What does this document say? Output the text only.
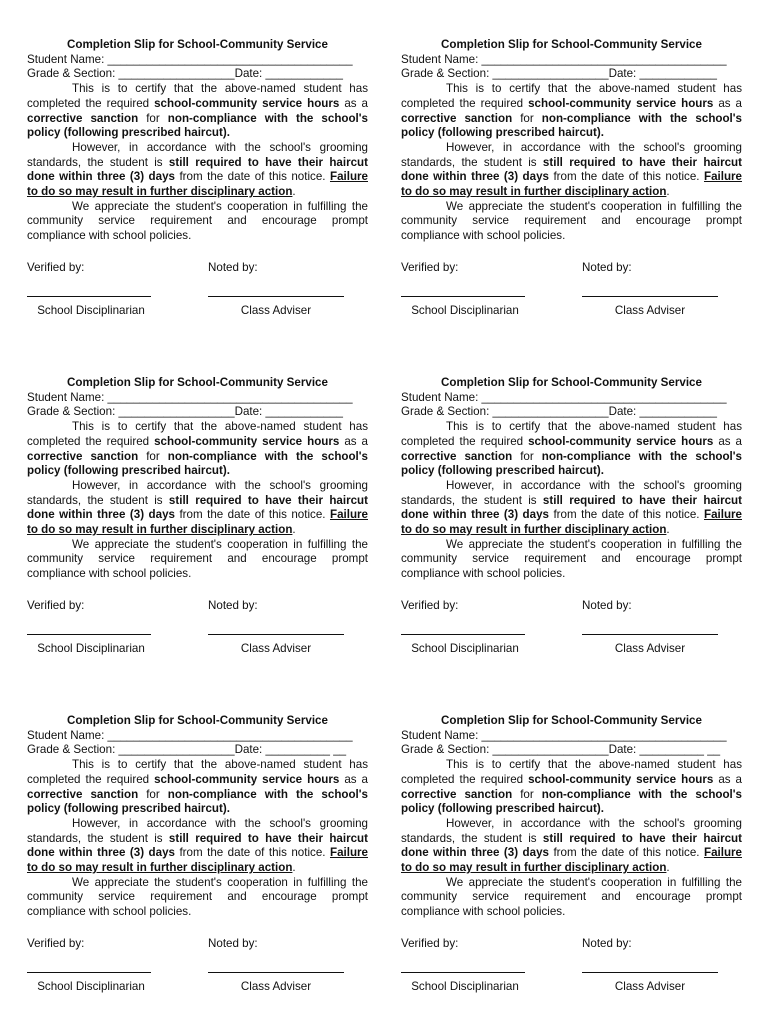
Completion Slip for School-Community Service
Student Name: ______________________________________
Grade & Section: __________________Date: ____________

This is to certify that the above-named student has completed the required school-community service hours as a corrective sanction for non-compliance with the school's policy (following prescribed haircut).

However, in accordance with the school's grooming standards, the student is still required to have their haircut done within three (3) days from the date of this notice. Failure to do so may result in further disciplinary action.

We appreciate the student's cooperation in fulfilling the community service requirement and encourage prompt compliance with school policies.

Verified by:	Noted by:
School Disciplinarian	Class Adviser
Completion Slip for School-Community Service
Student Name: ______________________________________
Grade & Section: __________________Date: ____________

This is to certify that the above-named student has completed the required school-community service hours as a corrective sanction for non-compliance with the school's policy (following prescribed haircut).

However, in accordance with the school's grooming standards, the student is still required to have their haircut done within three (3) days from the date of this notice. Failure to do so may result in further disciplinary action.

We appreciate the student's cooperation in fulfilling the community service requirement and encourage prompt compliance with school policies.

Verified by:	Noted by:
School Disciplinarian	Class Adviser
Completion Slip for School-Community Service
Student Name: ______________________________________
Grade & Section: __________________Date: ____________

This is to certify that the above-named student has completed the required school-community service hours as a corrective sanction for non-compliance with the school's policy (following prescribed haircut).

However, in accordance with the school's grooming standards, the student is still required to have their haircut done within three (3) days from the date of this notice. Failure to do so may result in further disciplinary action.

We appreciate the student's cooperation in fulfilling the community service requirement and encourage prompt compliance with school policies.

Verified by:	Noted by:
School Disciplinarian	Class Adviser
Completion Slip for School-Community Service
Student Name: ______________________________________
Grade & Section: __________________Date: ____________

This is to certify that the above-named student has completed the required school-community service hours as a corrective sanction for non-compliance with the school's policy (following prescribed haircut).

However, in accordance with the school's grooming standards, the student is still required to have their haircut done within three (3) days from the date of this notice. Failure to do so may result in further disciplinary action.

We appreciate the student's cooperation in fulfilling the community service requirement and encourage prompt compliance with school policies.

Verified by:	Noted by:
School Disciplinarian	Class Adviser
Completion Slip for School-Community Service
Student Name: ______________________________________
Grade & Section: __________________Date: __________ __

This is to certify that the above-named student has completed the required school-community service hours as a corrective sanction for non-compliance with the school's policy (following prescribed haircut).

However, in accordance with the school's grooming standards, the student is still required to have their haircut done within three (3) days from the date of this notice. Failure to do so may result in further disciplinary action.

We appreciate the student's cooperation in fulfilling the community service requirement and encourage prompt compliance with school policies.

Verified by:	Noted by:
School Disciplinarian	Class Adviser
Completion Slip for School-Community Service
Student Name: ______________________________________
Grade & Section: __________________Date: __________ __

This is to certify that the above-named student has completed the required school-community service hours as a corrective sanction for non-compliance with the school's policy (following prescribed haircut).

However, in accordance with the school's grooming standards, the student is still required to have their haircut done within three (3) days from the date of this notice. Failure to do so may result in further disciplinary action.

We appreciate the student's cooperation in fulfilling the community service requirement and encourage prompt compliance with school policies.

Verified by:	Noted by:
School Disciplinarian	Class Adviser
